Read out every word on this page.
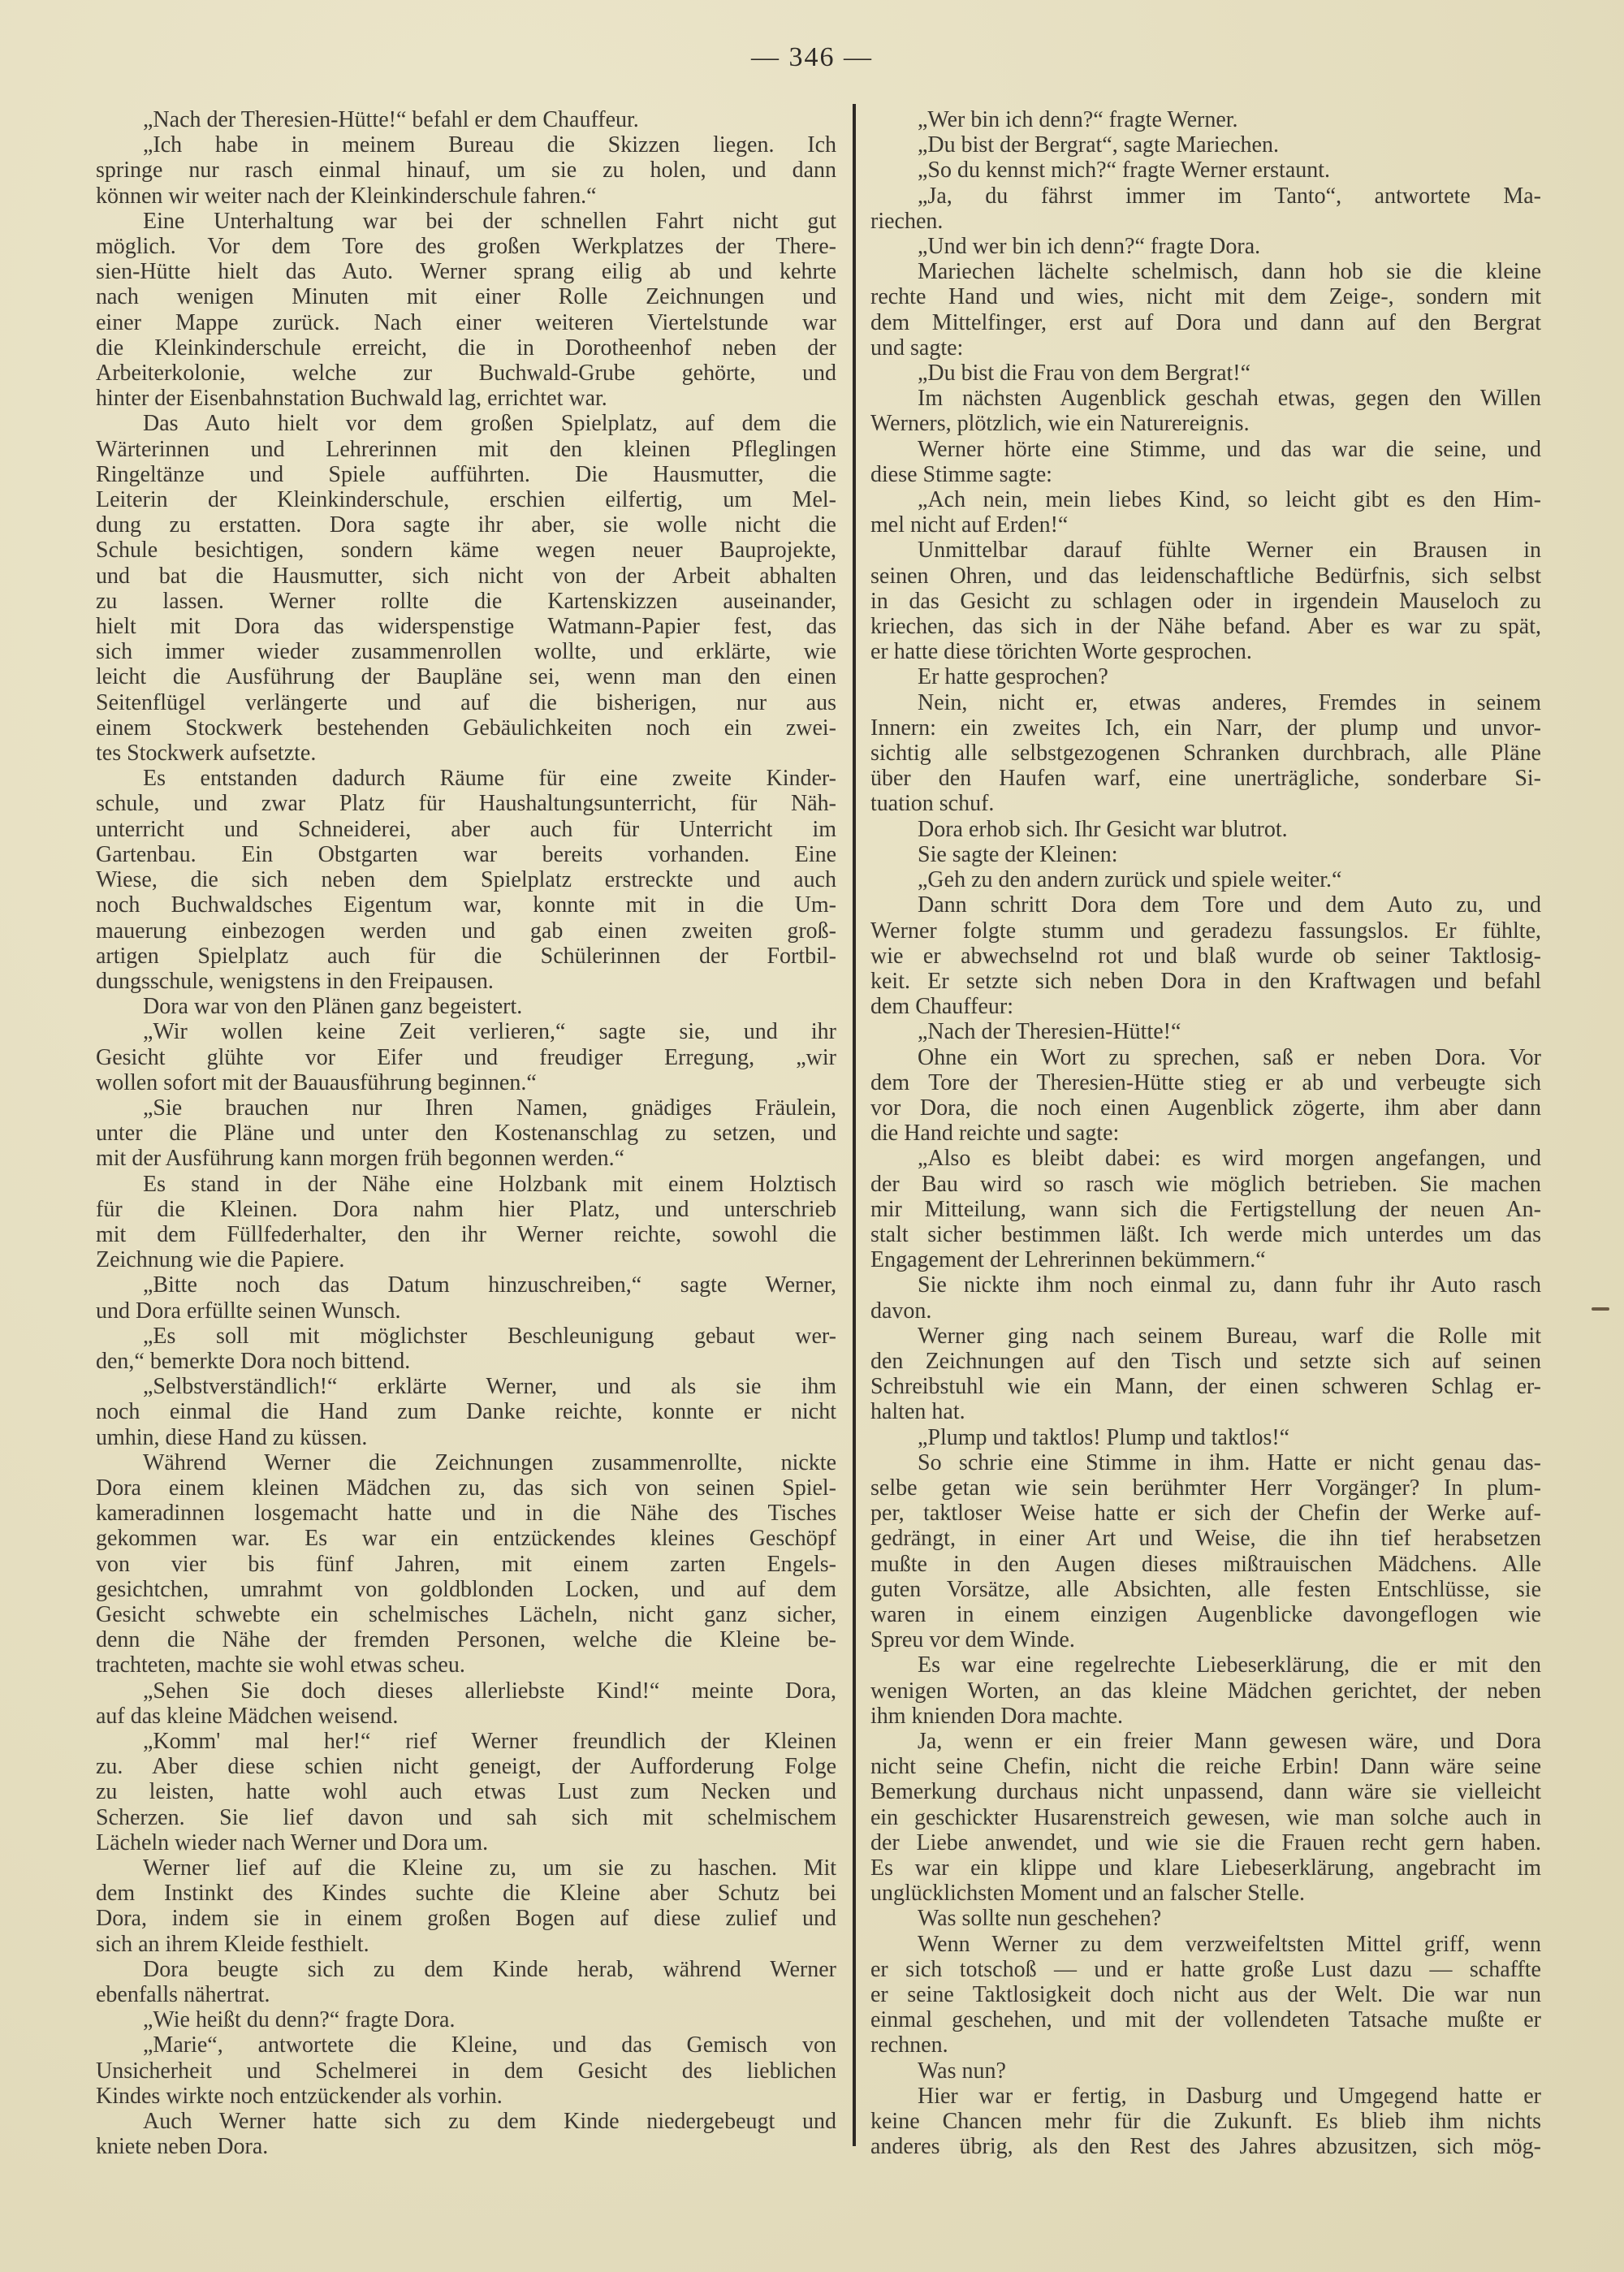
— 346 —
„Nach der Theresien-Hütte!“ befahl er dem Chauffeur.
„Ich habe in meinem Bureau die Skizzen liegen. Ich
springe nur rasch einmal hinauf, um sie zu holen, und dann
können wir weiter nach der Kleinkinderschule fahren.“
Eine Unterhaltung war bei der schnellen Fahrt nicht gut
möglich. Vor dem Tore des großen Werkplatzes der There-
sien-Hütte hielt das Auto. Werner sprang eilig ab und kehrte
nach wenigen Minuten mit einer Rolle Zeichnungen und
einer Mappe zurück. Nach einer weiteren Viertelstunde war
die Kleinkinderschule erreicht, die in Dorotheenhof neben der
Arbeiterkolonie, welche zur Buchwald-Grube gehörte, und
hinter der Eisenbahnstation Buchwald lag, errichtet war.
Das Auto hielt vor dem großen Spielplatz, auf dem die
Wärterinnen und Lehrerinnen mit den kleinen Pfleglingen
Ringeltänze und Spiele aufführten. Die Hausmutter, die
Leiterin der Kleinkinderschule, erschien eilfertig, um Mel-
dung zu erstatten. Dora sagte ihr aber, sie wolle nicht die
Schule besichtigen, sondern käme wegen neuer Bauprojekte,
und bat die Hausmutter, sich nicht von der Arbeit abhalten
zu lassen. Werner rollte die Kartenskizzen auseinander,
hielt mit Dora das widerspenstige Watmann-Papier fest, das
sich immer wieder zusammenrollen wollte, und erklärte, wie
leicht die Ausführung der Baupläne sei, wenn man den einen
Seitenflügel verlängerte und auf die bisherigen, nur aus
einem Stockwerk bestehenden Gebäulichkeiten noch ein zwei-
tes Stockwerk aufsetzte.
Es entstanden dadurch Räume für eine zweite Kinder-
schule, und zwar Platz für Haushaltungsunterricht, für Näh-
unterricht und Schneiderei, aber auch für Unterricht im
Gartenbau. Ein Obstgarten war bereits vorhanden. Eine
Wiese, die sich neben dem Spielplatz erstreckte und auch
noch Buchwaldsches Eigentum war, konnte mit in die Um-
mauerung einbezogen werden und gab einen zweiten groß-
artigen Spielplatz auch für die Schülerinnen der Fortbil-
dungsschule, wenigstens in den Freipausen.
Dora war von den Plänen ganz begeistert.
„Wir wollen keine Zeit verlieren,“ sagte sie, und ihr
Gesicht glühte vor Eifer und freudiger Erregung, „wir
wollen sofort mit der Bauausführung beginnen.“
„Sie brauchen nur Ihren Namen, gnädiges Fräulein,
unter die Pläne und unter den Kostenanschlag zu setzen, und
mit der Ausführung kann morgen früh begonnen werden.“
Es stand in der Nähe eine Holzbank mit einem Holztisch
für die Kleinen. Dora nahm hier Platz, und unterschrieb
mit dem Füllfederhalter, den ihr Werner reichte, sowohl die
Zeichnung wie die Papiere.
„Bitte noch das Datum hinzuschreiben,“ sagte Werner,
und Dora erfüllte seinen Wunsch.
„Es soll mit möglichster Beschleunigung gebaut wer-
den,“ bemerkte Dora noch bittend.
„Selbstverständlich!“ erklärte Werner, und als sie ihm
noch einmal die Hand zum Danke reichte, konnte er nicht
umhin, diese Hand zu küssen.
Während Werner die Zeichnungen zusammenrollte, nickte
Dora einem kleinen Mädchen zu, das sich von seinen Spiel-
kameradinnen losgemacht hatte und in die Nähe des Tisches
gekommen war. Es war ein entzückendes kleines Geschöpf
von vier bis fünf Jahren, mit einem zarten Engels-
gesichtchen, umrahmt von goldblonden Locken, und auf dem
Gesicht schwebte ein schelmisches Lächeln, nicht ganz sicher,
denn die Nähe der fremden Personen, welche die Kleine be-
trachteten, machte sie wohl etwas scheu.
„Sehen Sie doch dieses allerliebste Kind!“ meinte Dora,
auf das kleine Mädchen weisend.
„Komm' mal her!“ rief Werner freundlich der Kleinen
zu. Aber diese schien nicht geneigt, der Aufforderung Folge
zu leisten, hatte wohl auch etwas Lust zum Necken und
Scherzen. Sie lief davon und sah sich mit schelmischem
Lächeln wieder nach Werner und Dora um.
Werner lief auf die Kleine zu, um sie zu haschen. Mit
dem Instinkt des Kindes suchte die Kleine aber Schutz bei
Dora, indem sie in einem großen Bogen auf diese zulief und
sich an ihrem Kleide festhielt.
Dora beugte sich zu dem Kinde herab, während Werner
ebenfalls nähertrat.
„Wie heißt du denn?“ fragte Dora.
„Marie“, antwortete die Kleine, und das Gemisch von
Unsicherheit und Schelmerei in dem Gesicht des lieblichen
Kindes wirkte noch entzückender als vorhin.
Auch Werner hatte sich zu dem Kinde niedergebeugt und
kniete neben Dora.
„Wer bin ich denn?“ fragte Werner.
„Du bist der Bergrat“, sagte Mariechen.
„So du kennst mich?“ fragte Werner erstaunt.
„Ja, du fährst immer im Tanto“, antwortete Ma-
riechen.
„Und wer bin ich denn?“ fragte Dora.
Mariechen lächelte schelmisch, dann hob sie die kleine
rechte Hand und wies, nicht mit dem Zeige-, sondern mit
dem Mittelfinger, erst auf Dora und dann auf den Bergrat
und sagte:
„Du bist die Frau von dem Bergrat!“
Im nächsten Augenblick geschah etwas, gegen den Willen
Werners, plötzlich, wie ein Naturereignis.
Werner hörte eine Stimme, und das war die seine, und
diese Stimme sagte:
„Ach nein, mein liebes Kind, so leicht gibt es den Him-
mel nicht auf Erden!“
Unmittelbar darauf fühlte Werner ein Brausen in
seinen Ohren, und das leidenschaftliche Bedürfnis, sich selbst
in das Gesicht zu schlagen oder in irgendein Mauseloch zu
kriechen, das sich in der Nähe befand. Aber es war zu spät,
er hatte diese törichten Worte gesprochen.
Er hatte gesprochen?
Nein, nicht er, etwas anderes, Fremdes in seinem
Innern: ein zweites Ich, ein Narr, der plump und unvor-
sichtig alle selbstgezogenen Schranken durchbrach, alle Pläne
über den Haufen warf, eine unerträgliche, sonderbare Si-
tuation schuf.
Dora erhob sich. Ihr Gesicht war blutrot.
Sie sagte der Kleinen:
„Geh zu den andern zurück und spiele weiter.“
Dann schritt Dora dem Tore und dem Auto zu, und
Werner folgte stumm und geradezu fassungslos. Er fühlte,
wie er abwechselnd rot und blaß wurde ob seiner Taktlosig-
keit. Er setzte sich neben Dora in den Kraftwagen und befahl
dem Chauffeur:
„Nach der Theresien-Hütte!“
Ohne ein Wort zu sprechen, saß er neben Dora. Vor
dem Tore der Theresien-Hütte stieg er ab und verbeugte sich
vor Dora, die noch einen Augenblick zögerte, ihm aber dann
die Hand reichte und sagte:
„Also es bleibt dabei: es wird morgen angefangen, und
der Bau wird so rasch wie möglich betrieben. Sie machen
mir Mitteilung, wann sich die Fertigstellung der neuen An-
stalt sicher bestimmen läßt. Ich werde mich unterdes um das
Engagement der Lehrerinnen bekümmern.“
Sie nickte ihm noch einmal zu, dann fuhr ihr Auto rasch
davon.
Werner ging nach seinem Bureau, warf die Rolle mit
den Zeichnungen auf den Tisch und setzte sich auf seinen
Schreibstuhl wie ein Mann, der einen schweren Schlag er-
halten hat.
„Plump und taktlos! Plump und taktlos!“
So schrie eine Stimme in ihm. Hatte er nicht genau das-
selbe getan wie sein berühmter Herr Vorgänger? In plum-
per, taktloser Weise hatte er sich der Chefin der Werke auf-
gedrängt, in einer Art und Weise, die ihn tief herabsetzen
mußte in den Augen dieses mißtrauischen Mädchens. Alle
guten Vorsätze, alle Absichten, alle festen Entschlüsse, sie
waren in einem einzigen Augenblicke davongeflogen wie
Spreu vor dem Winde.
Es war eine regelrechte Liebeserklärung, die er mit den
wenigen Worten, an das kleine Mädchen gerichtet, der neben
ihm knienden Dora machte.
Ja, wenn er ein freier Mann gewesen wäre, und Dora
nicht seine Chefin, nicht die reiche Erbin! Dann wäre seine
Bemerkung durchaus nicht unpassend, dann wäre sie vielleicht
ein geschickter Husarenstreich gewesen, wie man solche auch in
der Liebe anwendet, und wie sie die Frauen recht gern haben.
Es war ein klippe und klare Liebeserklärung, angebracht im
unglücklichsten Moment und an falscher Stelle.
Was sollte nun geschehen?
Wenn Werner zu dem verzweifeltsten Mittel griff, wenn
er sich totschoß — und er hatte große Lust dazu — schaffte
er seine Taktlosigkeit doch nicht aus der Welt. Die war nun
einmal geschehen, und mit der vollendeten Tatsache mußte er
rechnen.
Was nun?
Hier war er fertig, in Dasburg und Umgegend hatte er
keine Chancen mehr für die Zukunft. Es blieb ihm nichts
anderes übrig, als den Rest des Jahres abzusitzen, sich mög-
